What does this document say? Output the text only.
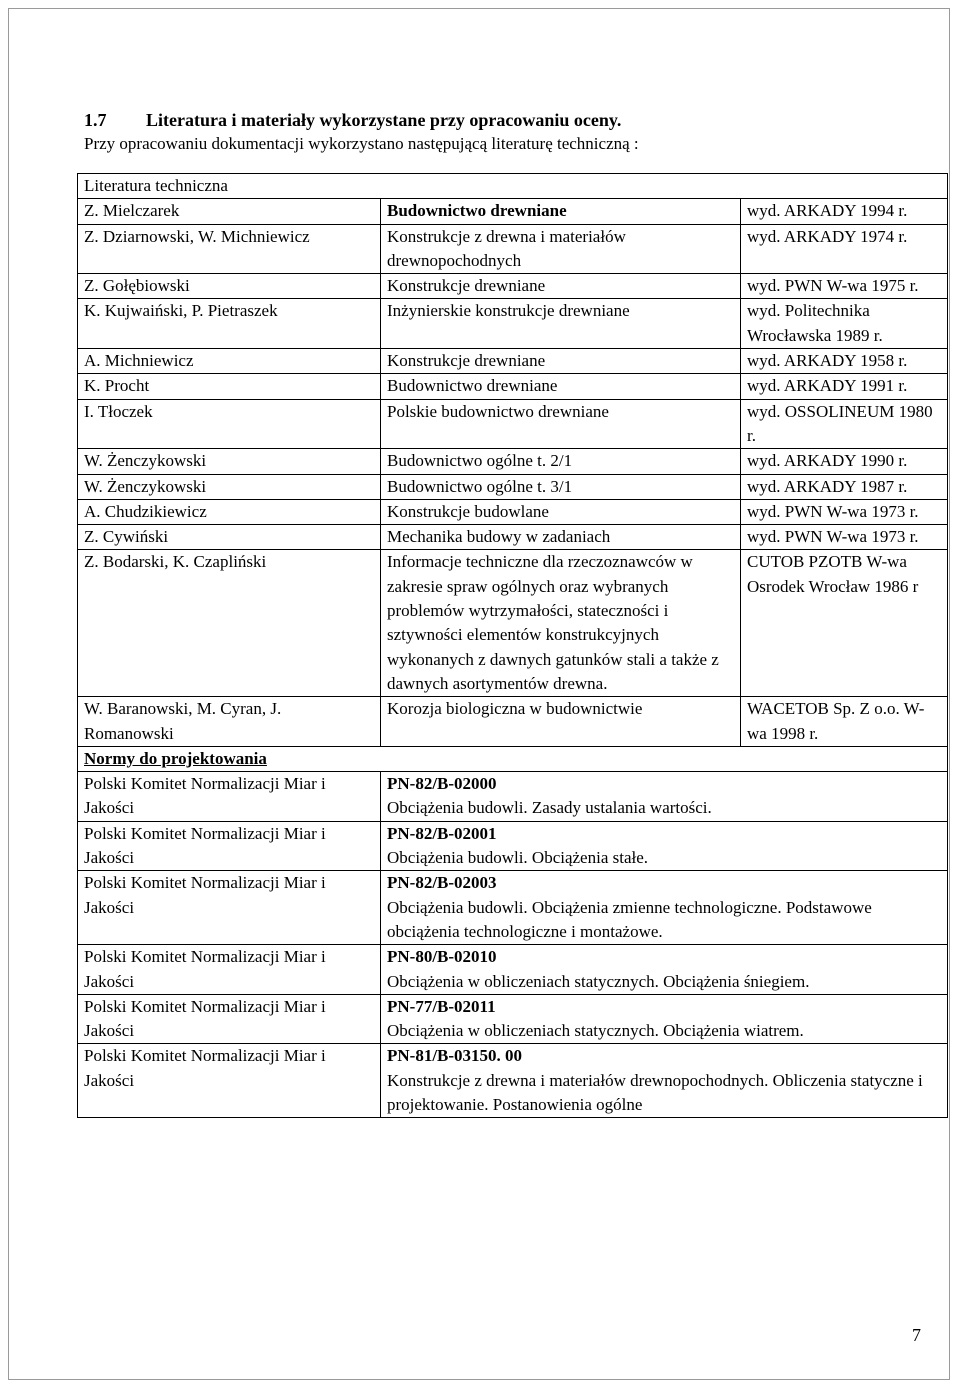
1.7 Literatura i materiały wykorzystane przy opracowaniu oceny.
Przy opracowaniu dokumentacji wykorzystano następującą literaturę techniczną :
Literatura techniczna		
Z. Mielczarek	Budownictwo drewniane	wyd. ARKADY 1994 r.
Z. Dziarnowski, W. Michniewicz	Konstrukcje z drewna i materiałów drewnopochodnych	wyd. ARKADY 1974 r.
Z. Gołębiowski	Konstrukcje drewniane	wyd. PWN W-wa 1975 r.
K. Kujwaiński, P. Pietraszek	Inżynierskie konstrukcje drewniane	wyd. Politechnika Wrocławska 1989 r.
A. Michniewicz	Konstrukcje drewniane	wyd. ARKADY 1958 r.
K. Procht	Budownictwo drewniane	wyd. ARKADY 1991 r.
I. Tłoczek	Polskie budownictwo drewniane	wyd. OSSOLINEUM 1980 r.
W. Żenczykowski	Budownictwo ogólne t. 2/1	wyd. ARKADY 1990 r.
W. Żenczykowski	Budownictwo ogólne t. 3/1	wyd. ARKADY 1987 r.
A. Chudzikiewicz	Konstrukcje budowlane	wyd. PWN W-wa 1973 r.
Z. Cywiński	Mechanika budowy w zadaniach	wyd. PWN W-wa 1973 r.
Z. Bodarski, K. Czapliński	Informacje techniczne dla rzeczoznawców w zakresie spraw ogólnych oraz wybranych problemów wytrzymałości, stateczności i sztywności elementów konstrukcyjnych wykonanych z dawnych gatunków stali a także z dawnych asortymentów drewna.	CUTOB PZOTB W-wa Osrodek Wrocław 1986 r
W. Baranowski, M. Cyran, J. Romanowski	Korozja biologiczna w budownictwie	WACETOB Sp. Z o.o. W-wa 1998 r.
Normy do projektowania		
Polski Komitet Normalizacji Miar i Jakości	PN-82/B-02000
Obciążenia budowli. Zasady ustalania wartości.	

Polski Komitet Normalizacji Miar i Jakości	PN-82/B-02001
Obciążenia budowli. Obciążenia stałe.	

Polski Komitet Normalizacji Miar i Jakości	PN-82/B-02003
Obciążenia budowli. Obciążenia zmienne technologiczne. Podstawowe obciążenia technologiczne i montażowe.	

Polski Komitet Normalizacji Miar i Jakości	PN-80/B-02010
Obciążenia w obliczeniach statycznych. Obciążenia śniegiem.	

Polski Komitet Normalizacji Miar i Jakości	PN-77/B-02011
Obciążenia w obliczeniach statycznych. Obciążenia wiatrem.	

Polski Komitet Normalizacji Miar i Jakości	PN-81/B-03150. 00
Konstrukcje z drewna i materiałów drewnopochodnych. Obliczenia statyczne i projektowanie. Postanowienia ogólne	
7
